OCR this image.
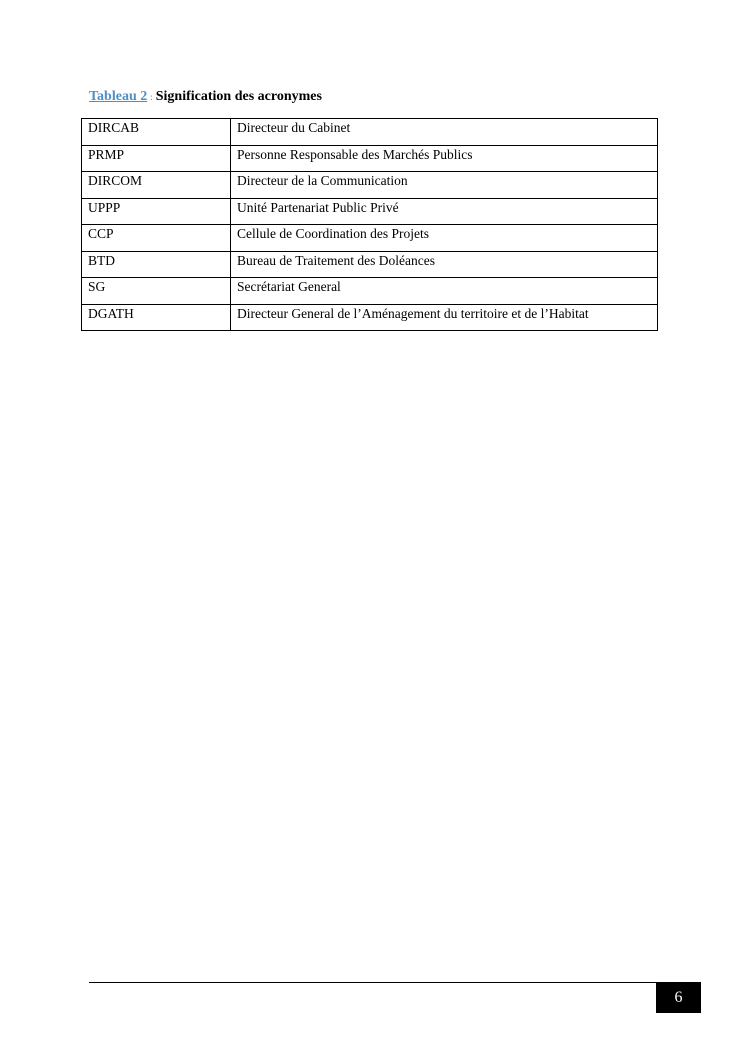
Tableau 2 : Signification des acronymes
DIRCAB	Directeur du Cabinet
PRMP	Personne Responsable des Marchés Publics
DIRCOM	Directeur de la Communication
UPPP	Unité Partenariat Public Privé
CCP	Cellule de Coordination des Projets
BTD	Bureau de Traitement des Doléances
SG	Secrétariat General
DGATH	Directeur General de l’Aménagement du territoire et de l’Habitat
6
